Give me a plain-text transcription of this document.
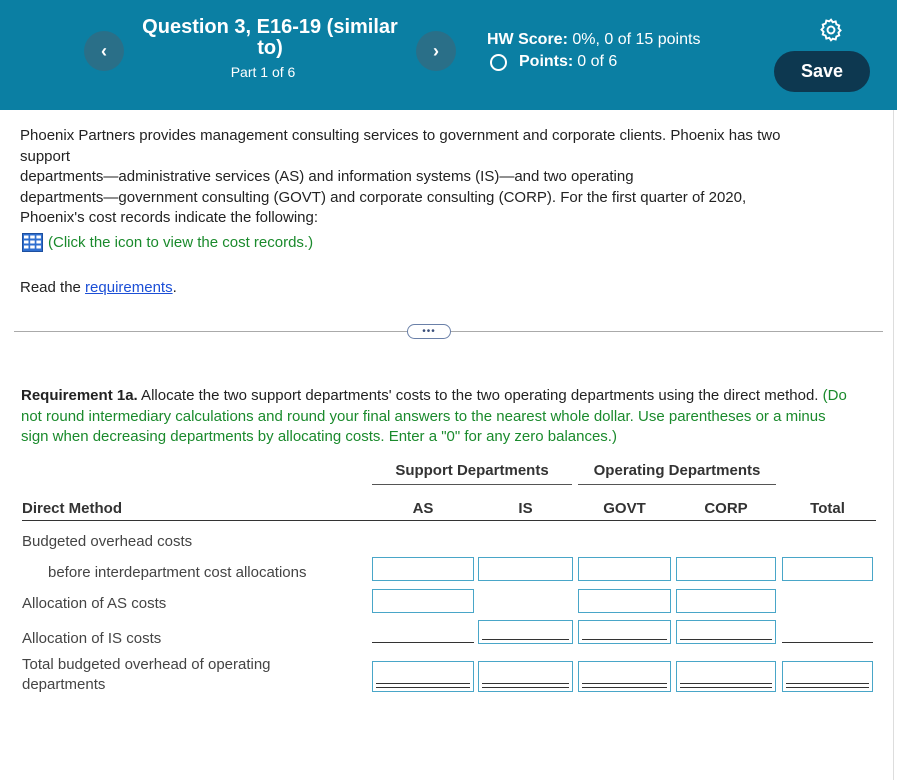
‹
Question 3, E16-19 (similar to)
Part 1 of 6
›
HW Score: 0%, 0 of 15 points
Points: 0 of 6	Save
Phoenix Partners provides management consulting services to government and corporate clients. Phoenix has two
support
departments—administrative services (AS) and information systems (IS)—and two operating
departments—government consulting (GOVT) and corporate consulting (CORP). For the first quarter of 2020,
Phoenix's cost records indicate the following:
(Click the icon to view the cost records.)
Read the requirements.
•••
Requirement 1a. Allocate the two support departments' costs to the two operating departments using the direct method. (Do not round intermediary calculations and round your final answers to the nearest whole dollar. Use parentheses or a minus sign when decreasing departments by allocating costs. Enter a "0" for any zero balances.)
Support Departments	Operating Departments
Direct Method	AS	IS	GOVT	CORP	Total
Budgeted overhead costs
before interdepartment cost allocations
Allocation of AS costs
Allocation of IS costs
Total budgeted overhead of operating
departments
